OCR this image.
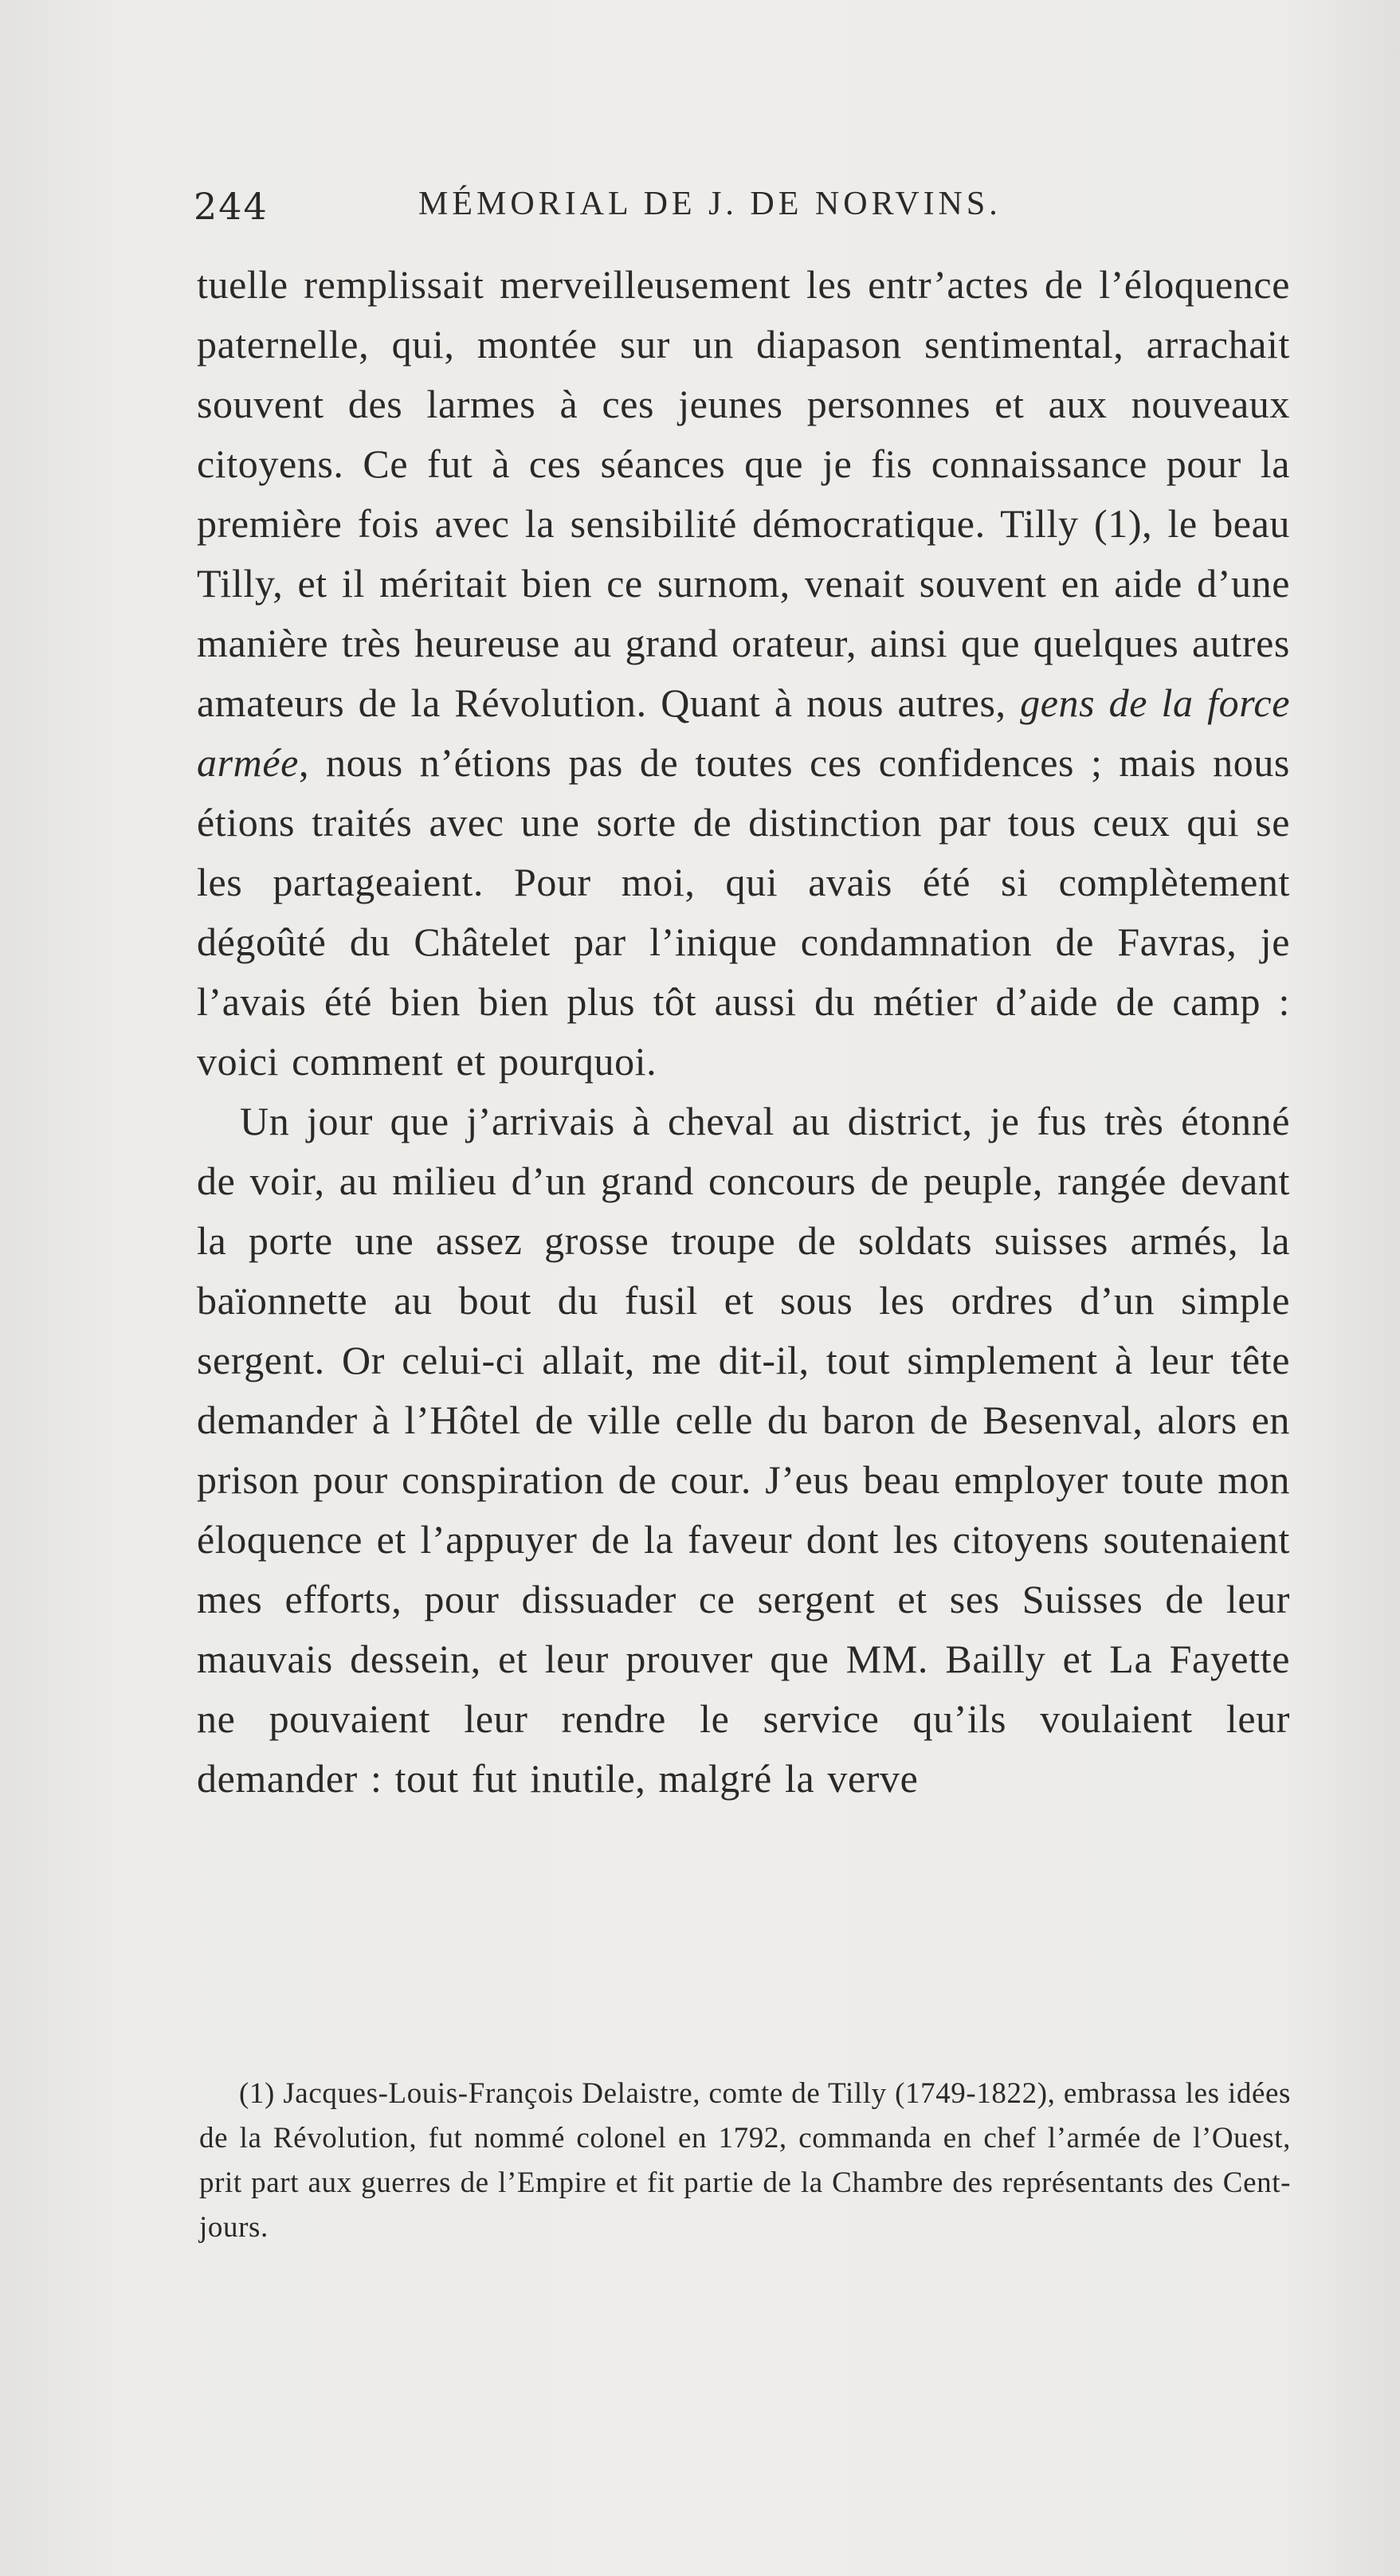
244	MÉMORIAL DE J. DE NORVINS.

tuelle remplissait merveilleusement les entr’actes de l’éloquence paternelle, qui, montée sur un diapason sentimental, arrachait souvent des larmes à ces jeunes personnes et aux nouveaux citoyens. Ce fut à ces séances que je fis connaissance pour la première fois avec la sensibilité démocratique. Tilly (1), le beau Tilly, et il méritait bien ce surnom, venait souvent en aide d’une manière très heureuse au grand orateur, ainsi que quelques autres amateurs de la Révolution. Quant à nous autres, gens de la force armée, nous n’étions pas de toutes ces confidences ; mais nous étions traités avec une sorte de distinction par tous ceux qui se les partageaient. Pour moi, qui avais été si complètement dégoûté du Châtelet par l’inique condamnation de Favras, je l’avais été bien bien plus tôt aussi du métier d’aide de camp : voici comment et pourquoi.

Un jour que j’arrivais à cheval au district, je fus très étonné de voir, au milieu d’un grand concours de peuple, rangée devant la porte une assez grosse troupe de soldats suisses armés, la baïonnette au bout du fusil et sous les ordres d’un simple sergent. Or celui-ci allait, me dit-il, tout simplement à leur tête demander à l’Hôtel de ville celle du baron de Besenval, alors en prison pour conspiration de cour. J’eus beau employer toute mon éloquence et l’appuyer de la faveur dont les citoyens soutenaient mes efforts, pour dissuader ce sergent et ses Suisses de leur mauvais dessein, et leur prouver que MM. Bailly et La Fayette ne pouvaient leur rendre le service qu’ils voulaient leur demander : tout fut inutile, malgré la verve

(1) Jacques-Louis-François Delaistre, comte de Tilly (1749-1822), embrassa les idées de la Révolution, fut nommé colonel en 1792, commanda en chef l’armée de l’Ouest, prit part aux guerres de l’Empire et fit partie de la Chambre des représentants des Cent-jours.
